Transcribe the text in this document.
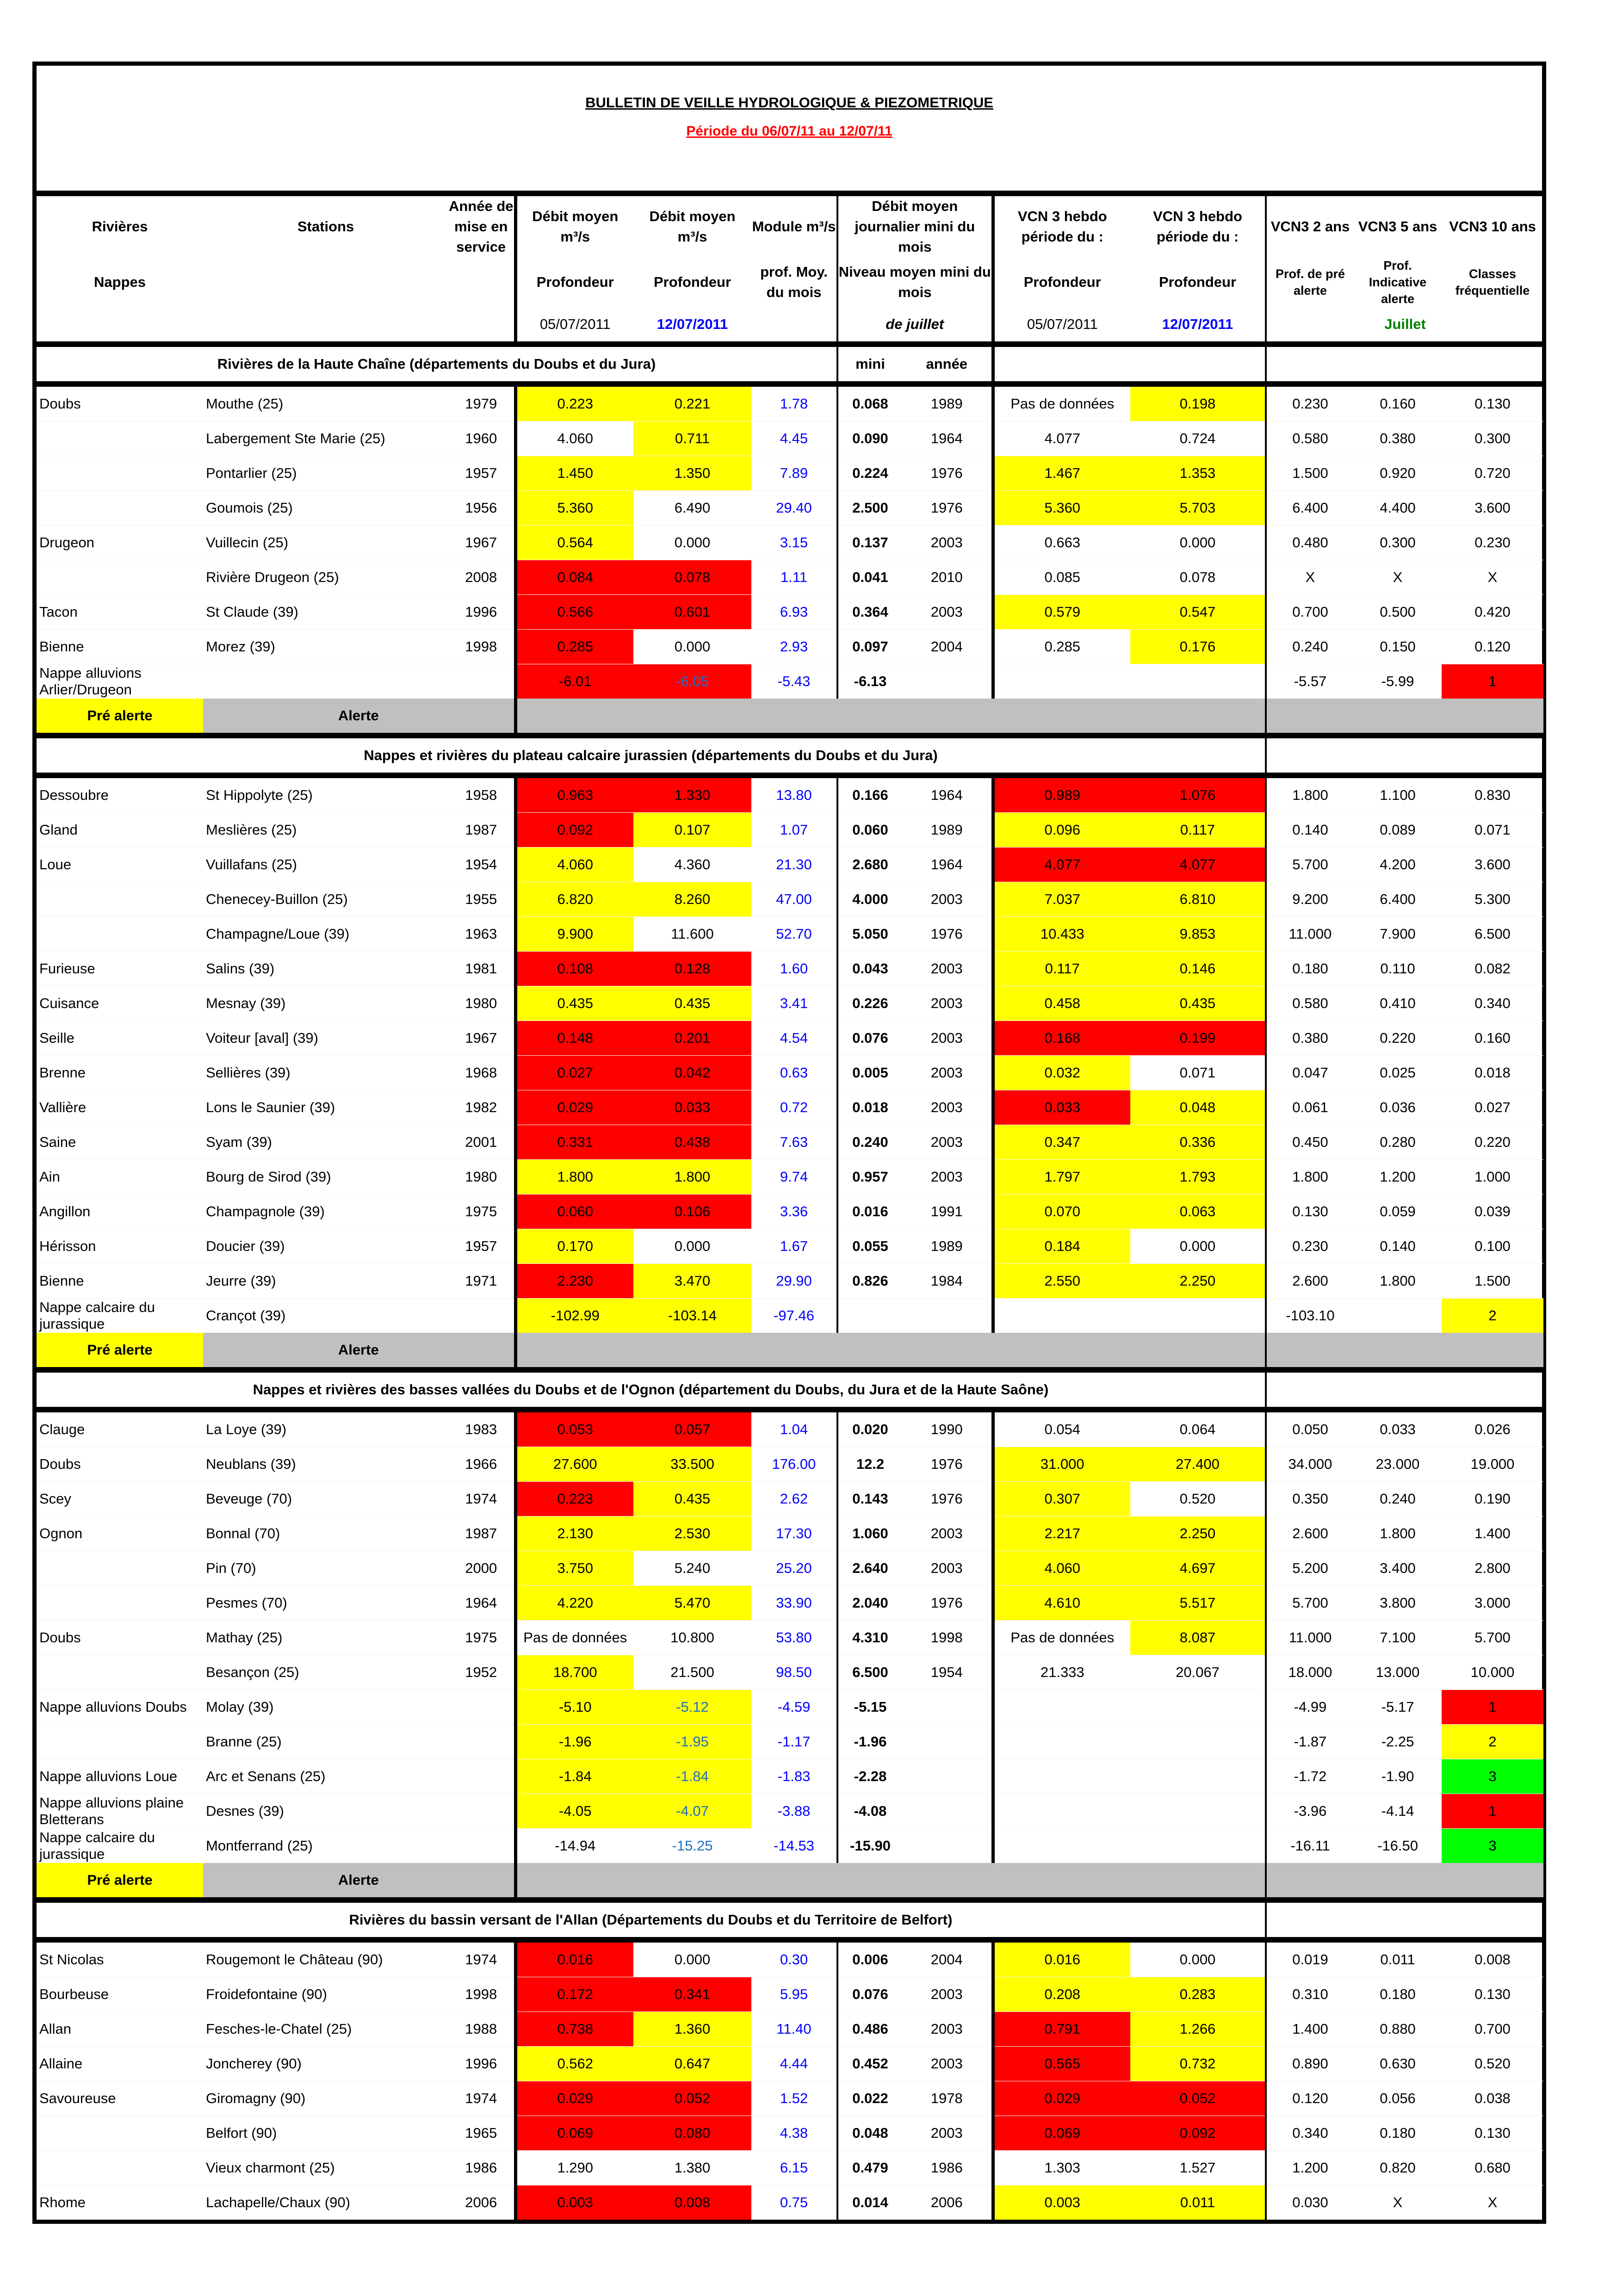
BULLETIN DE VEILLE HYDROLOGIQUE & PIEZOMETRIQUE
Période du 06/07/11 au 12/07/11
Rivières	Stations	Année de mise en service	Débit moyen m³/s	Débit moyen m³/s	Module m³/s	Débit moyen journalier mini du mois		VCN 3 hebdo période du :	VCN 3 hebdo période du :	VCN3 2 ans	VCN3 5 ans	VCN3 10 ans
Nappes			Profondeur	Profondeur	prof. Moy. du mois	Niveau moyen mini du mois		Profondeur	Profondeur	Prof. de pré alerte	Prof. Indicative alerte	Classes fréquentielle
			05/07/2011	12/07/2011		de juillet		05/07/2011	12/07/2011	Juillet		
Rivières de la Haute Chaîne (départements du Doubs et du Jura)						mini	année					
Doubs	Mouthe (25)	1979	0.223	0.221	1.78	0.068	1989	Pas de données	0.198	0.230	0.160	0.130
	Labergement Ste Marie (25)	1960	4.060	0.711	4.45	0.090	1964	4.077	0.724	0.580	0.380	0.300
	Pontarlier (25)	1957	1.450	1.350	7.89	0.224	1976	1.467	1.353	1.500	0.920	0.720
	Goumois (25)	1956	5.360	6.490	29.40	2.500	1976	5.360	5.703	6.400	4.400	3.600
Drugeon	Vuillecin (25)	1967	0.564	0.000	3.15	0.137	2003	0.663	0.000	0.480	0.300	0.230
	Rivière Drugeon (25)	2008	0.084	0.078	1.11	0.041	2010	0.085	0.078	X	X	X
Tacon	St Claude (39)	1996	0.566	0.601	6.93	0.364	2003	0.579	0.547	0.700	0.500	0.420
Bienne	Morez (39)	1998	0.285	0.000	2.93	0.097	2004	0.285	0.176	0.240	0.150	0.120
Nappe alluvions Arlier/Drugeon			-6.01	-6.05	-5.43	-6.13				-5.57	-5.99	1
Pré alerte	Alerte											
Nappes et rivières du plateau calcaire jurassien (départements du Doubs et du Jura)												
Dessoubre	St Hippolyte (25)	1958	0.963	1.330	13.80	0.166	1964	0.989	1.076	1.800	1.100	0.830
Gland	Meslières (25)	1987	0.092	0.107	1.07	0.060	1989	0.096	0.117	0.140	0.089	0.071
Loue	Vuillafans (25)	1954	4.060	4.360	21.30	2.680	1964	4.077	4.077	5.700	4.200	3.600
	Chenecey-Buillon (25)	1955	6.820	8.260	47.00	4.000	2003	7.037	6.810	9.200	6.400	5.300
	Champagne/Loue (39)	1963	9.900	11.600	52.70	5.050	1976	10.433	9.853	11.000	7.900	6.500
Furieuse	Salins (39)	1981	0.108	0.128	1.60	0.043	2003	0.117	0.146	0.180	0.110	0.082
Cuisance	Mesnay (39)	1980	0.435	0.435	3.41	0.226	2003	0.458	0.435	0.580	0.410	0.340
Seille	Voiteur [aval] (39)	1967	0.148	0.201	4.54	0.076	2003	0.168	0.199	0.380	0.220	0.160
Brenne	Sellières (39)	1968	0.027	0.042	0.63	0.005	2003	0.032	0.071	0.047	0.025	0.018
Vallière	Lons le Saunier (39)	1982	0.029	0.033	0.72	0.018	2003	0.033	0.048	0.061	0.036	0.027
Saine	Syam (39)	2001	0.331	0.438	7.63	0.240	2003	0.347	0.336	0.450	0.280	0.220
Ain	Bourg de Sirod (39)	1980	1.800	1.800	9.74	0.957	2003	1.797	1.793	1.800	1.200	1.000
Angillon	Champagnole (39)	1975	0.060	0.106	3.36	0.016	1991	0.070	0.063	0.130	0.059	0.039
Hérisson	Doucier (39)	1957	0.170	0.000	1.67	0.055	1989	0.184	0.000	0.230	0.140	0.100
Bienne	Jeurre (39)	1971	2.230	3.470	29.90	0.826	1984	2.550	2.250	2.600	1.800	1.500
Nappe calcaire du jurassique	Crançot (39)		-102.99	-103.14	-97.46					-103.10		2
Pré alerte	Alerte											
Nappes et rivières des basses vallées du Doubs et de l'Ognon (département du Doubs, du Jura et de la Haute Saône)												
Clauge	La Loye (39)	1983	0.053	0.057	1.04	0.020	1990	0.054	0.064	0.050	0.033	0.026
Doubs	Neublans (39)	1966	27.600	33.500	176.00	12.2	1976	31.000	27.400	34.000	23.000	19.000
Scey	Beveuge (70)	1974	0.223	0.435	2.62	0.143	1976	0.307	0.520	0.350	0.240	0.190
Ognon	Bonnal (70)	1987	2.130	2.530	17.30	1.060	2003	2.217	2.250	2.600	1.800	1.400
	Pin (70)	2000	3.750	5.240	25.20	2.640	2003	4.060	4.697	5.200	3.400	2.800
	Pesmes (70)	1964	4.220	5.470	33.90	2.040	1976	4.610	5.517	5.700	3.800	3.000
Doubs	Mathay (25)	1975	Pas de données	10.800	53.80	4.310	1998	Pas de données	8.087	11.000	7.100	5.700
	Besançon (25)	1952	18.700	21.500	98.50	6.500	1954	21.333	20.067	18.000	13.000	10.000
Nappe alluvions Doubs	Molay (39)		-5.10	-5.12	-4.59	-5.15				-4.99	-5.17	1
	Branne (25)		-1.96	-1.95	-1.17	-1.96				-1.87	-2.25	2
Nappe alluvions Loue	Arc et Senans (25)		-1.84	-1.84	-1.83	-2.28				-1.72	-1.90	3
Nappe alluvions plaine Bletterans	Desnes (39)		-4.05	-4.07	-3.88	-4.08				-3.96	-4.14	1
Nappe calcaire du jurassique	Montferrand (25)		-14.94	-15.25	-14.53	-15.90				-16.11	-16.50	3
Pré alerte	Alerte											
Rivières du bassin versant de l'Allan (Départements du Doubs et du Territoire de Belfort)												
St Nicolas	Rougemont le Château (90)	1974	0.016	0.000	0.30	0.006	2004	0.016	0.000	0.019	0.011	0.008
Bourbeuse	Froidefontaine (90)	1998	0.172	0.341	5.95	0.076	2003	0.208	0.283	0.310	0.180	0.130
Allan	Fesches-le-Chatel (25)	1988	0.738	1.360	11.40	0.486	2003	0.791	1.266	1.400	0.880	0.700
Allaine	Joncherey (90)	1996	0.562	0.647	4.44	0.452	2003	0.565	0.732	0.890	0.630	0.520
Savoureuse	Giromagny (90)	1974	0.029	0.052	1.52	0.022	1978	0.029	0.052	0.120	0.056	0.038
	Belfort (90)	1965	0.069	0.080	4.38	0.048	2003	0.069	0.092	0.340	0.180	0.130
	Vieux charmont (25)	1986	1.290	1.380	6.15	0.479	1986	1.303	1.527	1.200	0.820	0.680
Rhome	Lachapelle/Chaux (90)	2006	0.003	0.008	0.75	0.014	2006	0.003	0.011	0.030	X	X
